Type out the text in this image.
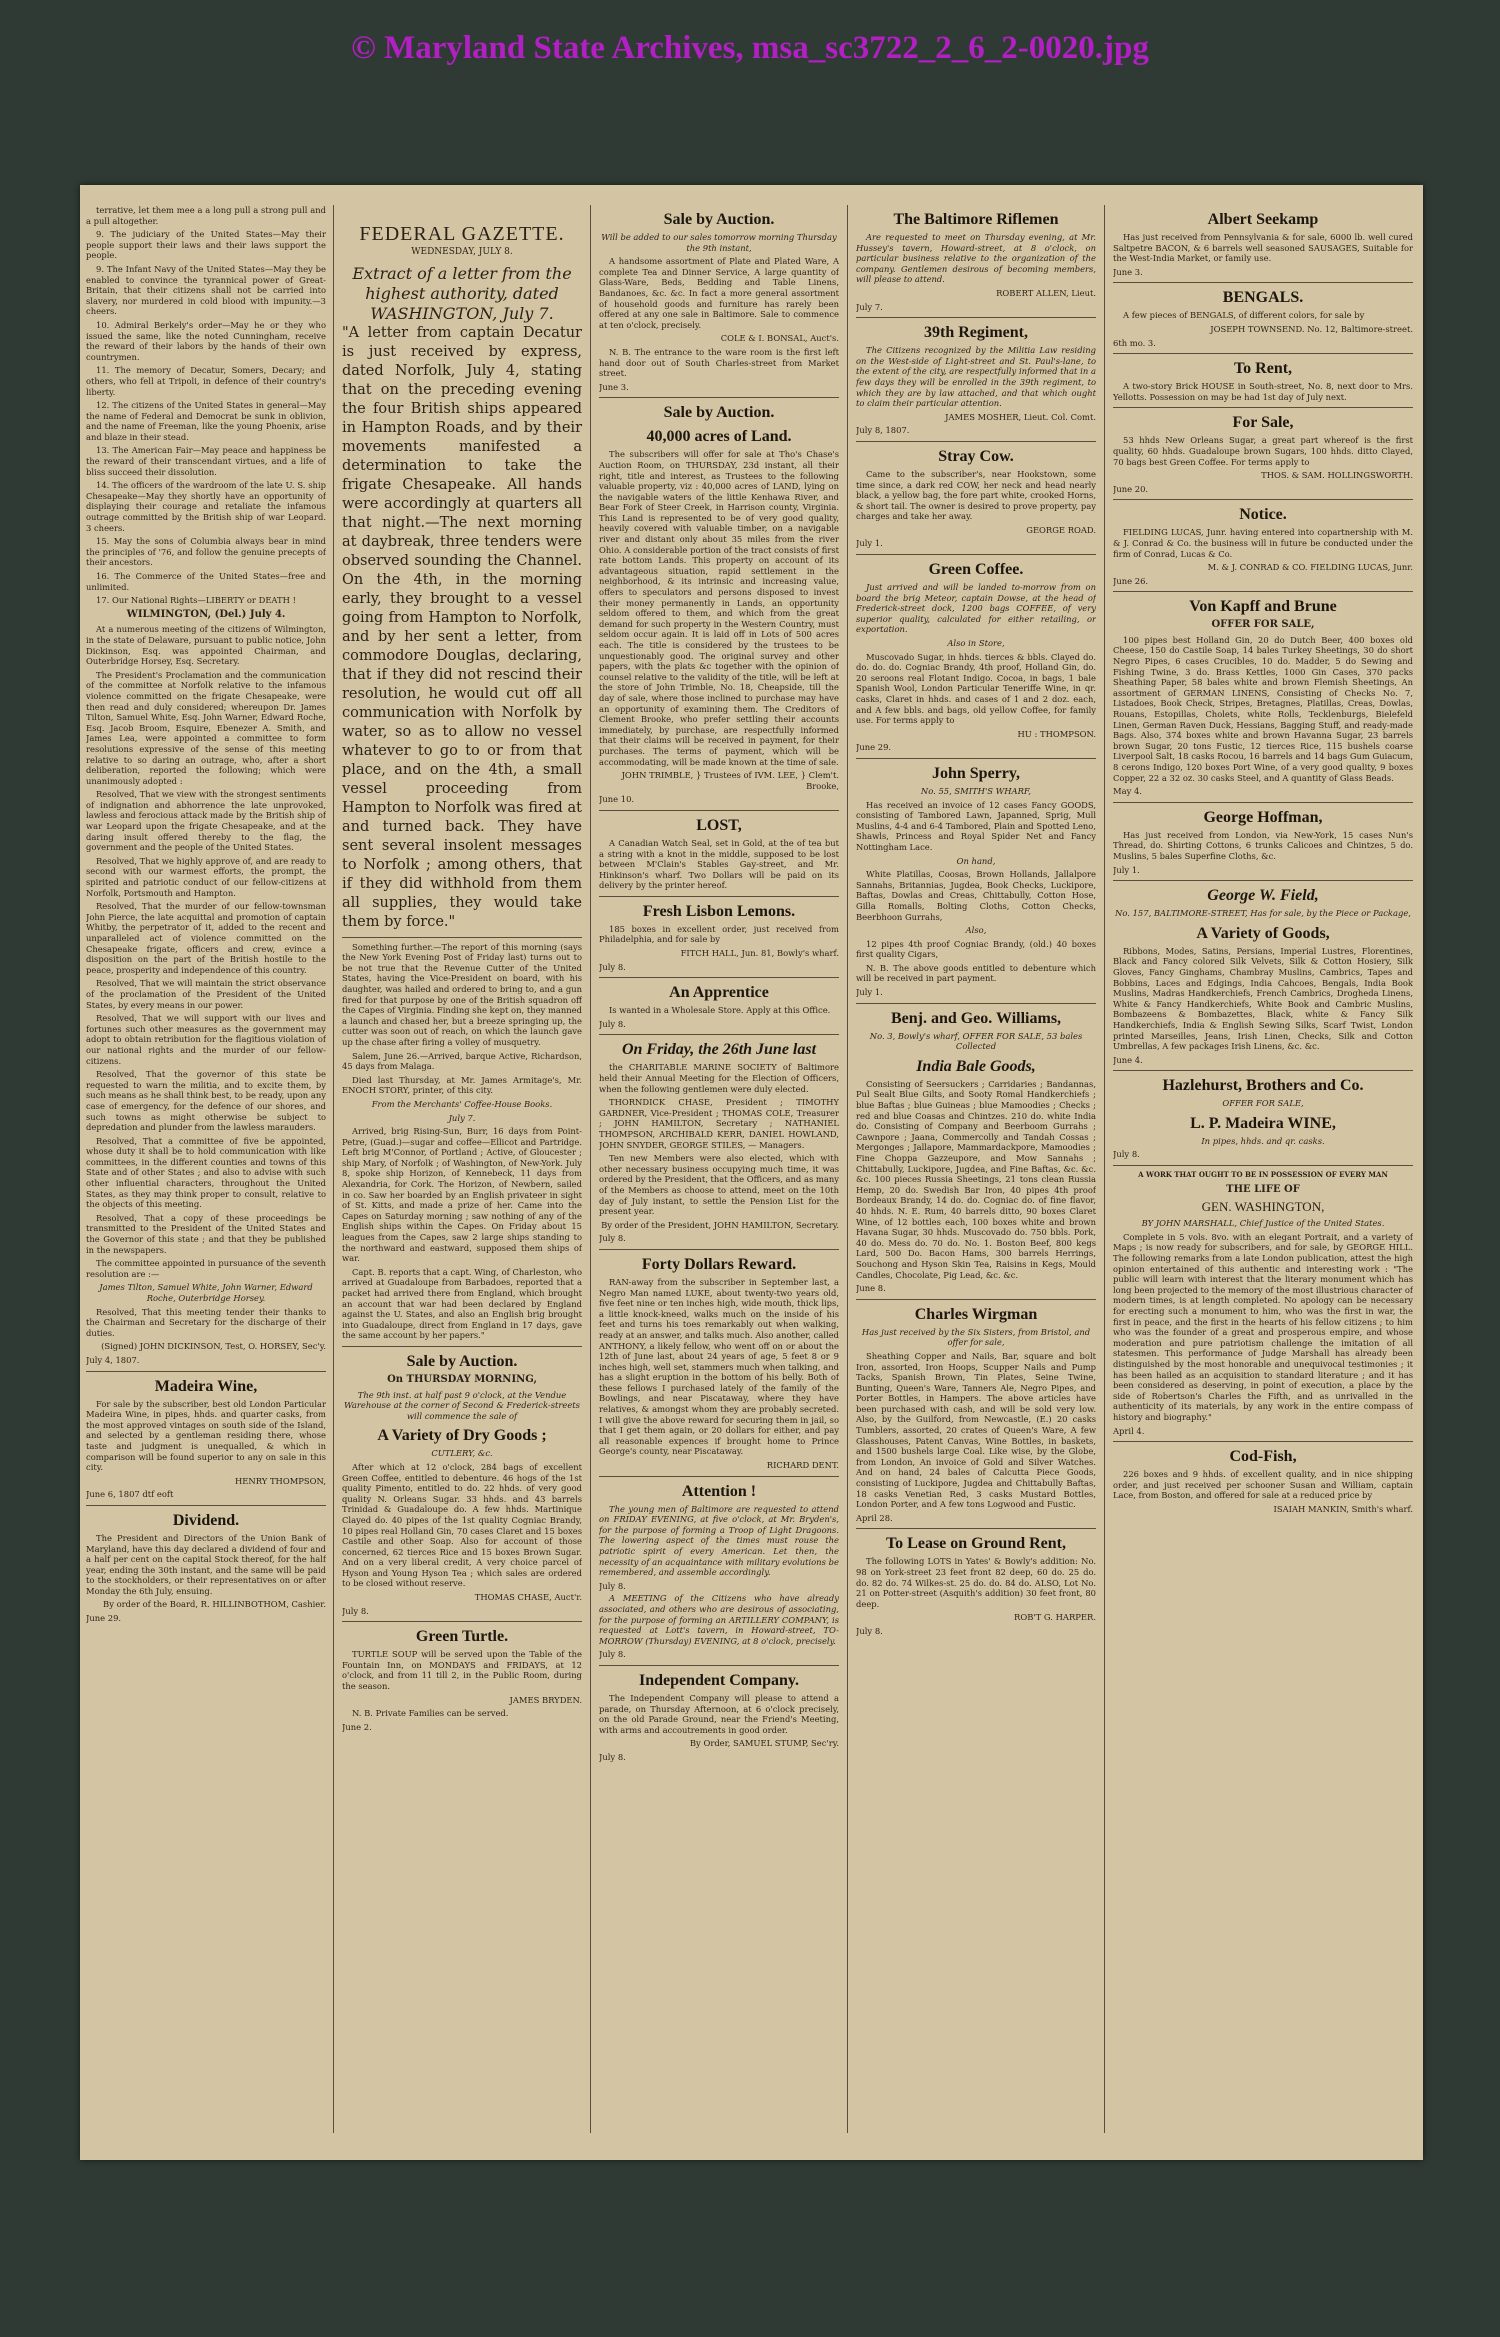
© Maryland State Archives, msa_sc3722_2_6_2-0020.jpg

terrative, let them mee a a long pull a strong pull and a pull altogether.

9. The judiciary of the United States—May their people support their laws and their laws support the people.

9. The Infant Navy of the United States—May they be enabled to convince the tyrannical power of Great-Britain, that their citizens shall not be carried into slavery, nor murdered in cold blood with impunity.—3 cheers.

10. Admiral Berkely's order—May he or they who issued the same, like the noted Cunningham, receive the reward of their labors by the hands of their own countrymen.

11. The memory of Decatur, Somers, Decary; and others, who fell at Tripoli, in defence of their country's liberty.

12. The citizens of the United States in general—May the name of Federal and Democrat be sunk in oblivion, and the name of Freeman, like the young Phoenix, arise and blaze in their stead.

13. The American Fair—May peace and happiness be the reward of their transcendant virtues, and a life of bliss succeed their dissolution.

14. The officers of the wardroom of the late U. S. ship Chesapeake—May they shortly have an opportunity of displaying their courage and retaliate the infamous outrage committed by the British ship of war Leopard. 3 cheers.

15. May the sons of Columbia always bear in mind the principles of '76, and follow the genuine precepts of their ancestors.

16. The Commerce of the United States—free and unlimited.

17. Our National Rights—LIBERTY or DEATH !

WILMINGTON, (Del.) July 4.

At a numerous meeting of the citizens of Wilmington, in the state of Delaware, pursuant to public notice, John Dickinson, Esq. was appointed Chairman, and Outerbridge Horsey, Esq. Secretary.

The President's Proclamation and the communication of the committee at Norfolk relative to the infamous violence committed on the frigate Chesapeake, were then read and duly considered; whereupon Dr. James Tilton, Samuel White, Esq. John Warner, Edward Roche, Esq. Jacob Broom, Esquire, Ebenezer A. Smith, and James Lea, were appointed a committee to form resolutions expressive of the sense of this meeting relative to so daring an outrage, who, after a short deliberation, reported the following; which were unanimously adopted :

Resolved, That we view with the strongest sentiments of indignation and abhorrence the late unprovoked, lawless and ferocious attack made by the British ship of war Leopard upon the frigate Chesapeake, and at the daring insult offered thereby to the flag, the government and the people of the United States.

Resolved, That we highly approve of, and are ready to second with our warmest efforts, the prompt, the spirited and patriotic conduct of our fellow-citizens at Norfolk, Portsmouth and Hampton.

Resolved, That the murder of our fellow-townsman John Pierce, the late acquittal and promotion of captain Whitby, the perpetrator of it, added to the recent and unparalleled act of violence committed on the Chesapeake frigate, officers and crew, evince a disposition on the part of the British hostile to the peace, prosperity and independence of this country.

Resolved, That we will maintain the strict observance of the proclamation of the President of the United States, by every means in our power.

Resolved, That we will support with our lives and fortunes such other measures as the government may adopt to obtain retribution for the flagitious violation of our national rights and the murder of our fellow-citizens.

Resolved, That the governor of this state be requested to warn the militia, and to excite them, by such means as he shall think best, to be ready, upon any case of emergency, for the defence of our shores, and such towns as might otherwise be subject to depredation and plunder from the lawless marauders.

Resolved, That a committee of five be appointed, whose duty it shall be to hold communication with like committees, in the different counties and towns of this State and of other States ; and also to advise with such other influential characters, throughout the United States, as they may think proper to consult, relative to the objects of this meeting.

Resolved, That a copy of these proceedings be transmitted to the President of the United States and the Governor of this state ; and that they be published in the newspapers.

The committee appointed in pursuance of the seventh resolution are :—

James Tilton, Samuel White, John Warner, Edward Roche, Outerbridge Horsey.

Resolved, That this meeting tender their thanks to the Chairman and Secretary for the discharge of their duties.

(Signed) JOHN DICKINSON, Test, O. HORSEY, Sec'y.
July 4, 1807.
Madeira Wine,

For sale by the subscriber, best old London Particular Madeira Wine, in pipes, hhds. and quarter casks, from the most approved vintages on south side of the Island, and selected by a gentleman residing there, whose taste and judgment is unequalled, & which in comparison will be found superior to any on sale in this city.

HENRY THOMPSON,
June 6, 1807 dtf eoft
Dividend.

The President and Directors of the Union Bank of Maryland, have this day declared a dividend of four and a half per cent on the capital Stock thereof, for the half year, ending the 30th instant, and the same will be paid to the stockholders, or their representatives on or after Monday the 6th July, ensuing.

By order of the Board, R. HILLINBOTHOM, Cashier.
June 29.
FEDERAL GAZETTE.
WEDNESDAY, JULY 8.
Extract of a letter from the highest authority, dated
WASHINGTON, July 7.
"A letter from captain Decatur is just received by express, dated Norfolk, July 4, stating that on the preceding evening the four British ships appeared in Hampton Roads, and by their movements manifested a determination to take the frigate Chesapeake. All hands were accordingly at quarters all that night.—The next morning at daybreak, three tenders were observed sounding the Channel. On the 4th, in the morning early, they brought to a vessel going from Hampton to Norfolk, and by her sent a letter, from commodore Douglas, declaring, that if they did not rescind their resolution, he would cut off all communication with Norfolk by water, so as to allow no vessel whatever to go to or from that place, and on the 4th, a small vessel proceeding from Hampton to Norfolk was fired at and turned back. They have sent several insolent messages to Norfolk ; among others, that if they did withhold from them all supplies, they would take them by force."

Something further.—The report of this morning (says the New York Evening Post of Friday last) turns out to be not true that the Revenue Cutter of the United States, having the Vice-President on board, with his daughter, was hailed and ordered to bring to, and a gun fired for that purpose by one of the British squadron off the Capes of Virginia. Finding she kept on, they manned a launch and chased her, but a breeze springing up, the cutter was soon out of reach, on which the launch gave up the chase after firing a volley of musquetry.

Salem, June 26.—Arrived, barque Active, Richardson, 45 days from Malaga.

Died last Thursday, at Mr. James Armitage's, Mr. ENOCH STORY, printer, of this city.

From the Merchants' Coffee-House Books.
July 7.

Arrived, brig Rising-Sun, Burr, 16 days from Point-Petre, (Guad.)—sugar and coffee—Ellicot and Partridge. Left brig M'Connor, of Portland ; Active, of Gloucester ; ship Mary, of Norfolk ; of Washington, of New-York. July 8, spoke ship Horizon, of Kennebeck, 11 days from Alexandria, for Cork. The Horizon, of Newbern, sailed in co. Saw her boarded by an English privateer in sight of St. Kitts, and made a prize of her. Came into the Capes on Saturday morning ; saw nothing of any of the English ships within the Capes. On Friday about 15 leagues from the Capes, saw 2 large ships standing to the northward and eastward, supposed them ships of war.

Capt. B. reports that a capt. Wing, of Charleston, who arrived at Guadaloupe from Barbadoes, reported that a packet had arrived there from England, which brought an account that war had been declared by England against the U. States, and also an English brig brought into Guadaloupe, direct from England in 17 days, gave the same account by her papers."

Sale by Auction.
On THURSDAY MORNING,
The 9th inst. at half past 9 o'clock, at the Vendue Warehouse at the corner of Second & Frederick-streets will commence the sale of
A Variety of Dry Goods ;
CUTLERY, &c.

After which at 12 o'clock, 284 bags of excellent Green Coffee, entitled to debenture. 46 hogs of the 1st quality Pimento, entitled to do. 22 hhds. of very good quality N. Orleans Sugar. 33 hhds. and 43 barrels Trinidad & Guadaloupe do. A few hhds. Martinique Clayed do. 40 pipes of the 1st quality Cogniac Brandy, 10 pipes real Holland Gin, 70 cases Claret and 15 boxes Castile and other Soap. Also for account of those concerned, 62 tierces Rice and 15 boxes Brown Sugar. And on a very liberal credit, A very choice parcel of Hyson and Young Hyson Tea ; which sales are ordered to be closed without reserve.

THOMAS CHASE, Auct'r.
July 8.
Green Turtle.

TURTLE SOUP will be served upon the Table of the Fountain Inn, on MONDAYS and FRIDAYS, at 12 o'clock, and from 11 till 2, in the Public Room, during the season.

JAMES BRYDEN.

N. B. Private Families can be served.

June 2.
Sale by Auction.
Will be added to our sales tomorrow morning Thursday the 9th instant,

A handsome assortment of Plate and Plated Ware, A complete Tea and Dinner Service, A large quantity of Glass-Ware, Beds, Bedding and Table Linens, Bandanoes, &c. &c. In fact a more general assortment of household goods and furniture has rarely been offered at any one sale in Baltimore. Sale to commence at ten o'clock, precisely.

COLE & I. BONSAL, Auct's.

N. B. The entrance to the ware room is the first left hand door out of South Charles-street from Market street.

June 3.
Sale by Auction.
40,000 acres of Land.

The subscribers will offer for sale at Tho's Chase's Auction Room, on THURSDAY, 23d instant, all their right, title and interest, as Trustees to the following valuable property, viz : 40,000 acres of LAND, lying on the navigable waters of the little Kenhawa River, and Bear Fork of Steer Creek, in Harrison county, Virginia. This Land is represented to be of very good quality, heavily covered with valuable timber, on a navigable river and distant only about 35 miles from the river Ohio. A considerable portion of the tract consists of first rate bottom Lands. This property on account of its advantageous situation, rapid settlement in the neighborhood, & its intrinsic and increasing value, offers to speculators and persons disposed to invest their money permanently in Lands, an opportunity seldom offered to them, and which from the great demand for such property in the Western Country, must seldom occur again. It is laid off in Lots of 500 acres each. The title is considered by the trustees to be unquestionably good. The original survey and other papers, with the plats &c together with the opinion of counsel relative to the validity of the title, will be left at the store of John Trimble, No. 18, Cheapside, till the day of sale, where those inclined to purchase may have an opportunity of examining them. The Creditors of Clement Brooke, who prefer settling their accounts immediately, by purchase, are respectfully informed that their claims will be received in payment, for their purchases. The terms of payment, which will be accommodating, will be made known at the time of sale.

JOHN TRIMBLE, } Trustees of IVM. LEE, } Clem't. Brooke,
June 10.
LOST,

A Canadian Watch Seal, set in Gold, at the of tea but a string with a knot in the middle, supposed to be lost between M'Clain's Stables Gay-street, and Mr. Hinkinson's wharf. Two Dollars will be paid on its delivery by the printer hereof.

Fresh Lisbon Lemons.

185 boxes in excellent order, just received from Philadelphia, and for sale by

FITCH HALL, Jun. 81, Bowly's wharf.
July 8.
An Apprentice

Is wanted in a Wholesale Store. Apply at this Office.

July 8.
On Friday, the 26th June last

the CHARITABLE MARINE SOCIETY of Baltimore held their Annual Meeting for the Election of Officers, when the following gentlemen were duly elected.

THORNDICK CHASE, President ; TIMOTHY GARDNER, Vice-President ; THOMAS COLE, Treasurer ; JOHN HAMILTON, Secretary ; NATHANIEL THOMPSON, ARCHIBALD KERR, DANIEL HOWLAND, JOHN SNYDER, GEORGE STILES, — Managers.

Ten new Members were also elected, which with other necessary business occupying much time, it was ordered by the President, that the Officers, and as many of the Members as choose to attend, meet on the 10th day of July instant, to settle the Pension List for the present year.

By order of the President, JOHN HAMILTON, Secretary.
July 8.
Forty Dollars Reward.

RAN-away from the subscriber in September last, a Negro Man named LUKE, about twenty-two years old, five feet nine or ten inches high, wide mouth, thick lips, a little knock-kneed, walks much on the inside of his feet and turns his toes remarkably out when walking, ready at an answer, and talks much. Also another, called ANTHONY, a likely fellow, who went off on or about the 12th of June last, about 24 years of age, 5 feet 8 or 9 inches high, well set, stammers much when talking, and has a slight eruption in the bottom of his belly. Both of these fellows I purchased lately of the family of the Bowlings, and near Piscataway, where they have relatives, & amongst whom they are probably secreted. I will give the above reward for securing them in jail, so that I get them again, or 20 dollars for either, and pay all reasonable expences if brought home to Prince George's county, near Piscataway.

RICHARD DENT.
Attention !

The young men of Baltimore are requested to attend on FRIDAY EVENING, at five o'clock, at Mr. Bryden's, for the purpose of forming a Troop of Light Dragoons. The lowering aspect of the times must rouse the patriotic spirit of every American. Let then, the necessity of an acquaintance with military evolutions be remembered, and assemble accordingly.

July 8.

A MEETING of the Citizens who have already associated, and others who are desirous of associating, for the purpose of forming an ARTILLERY COMPANY, is requested at Lott's tavern, in Howard-street, TO-MORROW (Thursday) EVENING, at 8 o'clock, precisely.

July 8.
Independent Company.

The Independent Company will please to attend a parade, on Thursday Afternoon, at 6 o'clock precisely, on the old Parade Ground, near the Friend's Meeting, with arms and accoutrements in good order.

By Order, SAMUEL STUMP, Sec'ry.
July 8.
The Baltimore Riflemen

Are requested to meet on Thursday evening, at Mr. Hussey's tavern, Howard-street, at 8 o'clock, on particular business relative to the organization of the company. Gentlemen desirous of becoming members, will please to attend.

ROBERT ALLEN, Lieut.
July 7.
39th Regiment,

The Citizens recognized by the Militia Law residing on the West-side of Light-street and St. Paul's-lane, to the extent of the city, are respectfully informed that in a few days they will be enrolled in the 39th regiment, to which they are by law attached, and that which ought to claim their particular attention.

JAMES MOSHER, Lieut. Col. Comt.
July 8, 1807.
Stray Cow.

Came to the subscriber's, near Hookstown, some time since, a dark red COW, her neck and head nearly black, a yellow bag, the fore part white, crooked Horns, & short tail. The owner is desired to prove property, pay charges and take her away.

GEORGE ROAD.
July 1.
Green Coffee.

Just arrived and will be landed to-morrow from on board the brig Meteor, captain Dowse, at the head of Frederick-street dock, 1200 bags COFFEE, of very superior quality, calculated for either retailing, or exportation.

Also in Store,

Muscovado Sugar, in hhds. tierces & bbls. Clayed do. do. do. do. Cogniac Brandy, 4th proof, Holland Gin, do. 20 seroons real Flotant Indigo. Cocoa, in bags, 1 bale Spanish Wool, London Particular Teneriffe Wine, in qr. casks, Claret in hhds. and cases of 1 and 2 doz. each, and A few bbls. and bags, old yellow Coffee, for family use. For terms apply to

HU : THOMPSON.
June 29.
John Sperry,
No. 55, SMITH'S WHARF,

Has received an invoice of 12 cases Fancy GOODS, consisting of Tambored Lawn, Japanned, Sprig, Mull Muslins, 4-4 and 6-4 Tambored, Plain and Spotted Leno, Shawls, Princess and Royal Spider Net and Fancy Nottingham Lace.

On hand,

White Platillas, Coosas, Brown Hollands, Jallalpore Sannahs, Britannias, Jugdea, Book Checks, Luckipore, Baftas, Dowlas and Creas, Chittabully, Cotton Hose, Gilla Romalls, Bolting Cloths, Cotton Checks, Beerbhoon Gurrahs,

Also,

12 pipes 4th proof Cogniac Brandy, (old.) 40 boxes first quality Cigars,

N. B. The above goods entitled to debenture which will be received in part payment.

July 1.
Benj. and Geo. Williams,
No. 3, Bowly's wharf, OFFER FOR SALE, 53 bales Collected
India Bale Goods,

Consisting of Seersuckers ; Carridaries ; Bandannas, Pul Sealt Blue Gilts, and Sooty Romal Handkerchiefs ; blue Baftas ; blue Guineas ; blue Mamoodies ; Checks ; red and blue Coasas and Chintzes. 210 do. white India do. Consisting of Company and Beerboom Gurrahs ; Cawnpore ; Jaana, Commercolly and Tandah Cossas ; Mergonges ; Jallapore, Mammardackpore, Mamoodies ; Fine Choppa Gazzeupore, and Mow Sannahs ; Chittabully, Luckipore, Jugdea, and Fine Baftas, &c. &c. &c. 100 pieces Russia Sheetings, 21 tons clean Russia Hemp, 20 do. Swedish Bar Iron, 40 pipes 4th proof Bordeaux Brandy, 14 do. do. Cogniac do. of fine flavor, 40 hhds. N. E. Rum, 40 barrels ditto, 90 boxes Claret Wine, of 12 bottles each, 100 boxes white and brown Havana Sugar, 30 hhds. Muscovado do. 750 bbls. Pork, 40 do. Mess do. 70 do. No. 1. Boston Beef, 800 kegs Lard, 500 Do. Bacon Hams, 300 barrels Herrings, Souchong and Hyson Skin Tea, Raisins in Kegs, Mould Candles, Chocolate, Pig Lead, &c. &c.

June 8.
Charles Wirgman
Has just received by the Six Sisters, from Bristol, and offer for sale,

Sheathing Copper and Nails, Bar, square and bolt Iron, assorted, Iron Hoops, Scupper Nails and Pump Tacks, Spanish Brown, Tin Plates, Seine Twine, Bunting, Queen's Ware, Tanners Ale, Negro Pipes, and Porter Bottles, in Hampers. The above articles have been purchased with cash, and will be sold very low. Also, by the Guilford, from Newcastle, (E.) 20 casks Tumblers, assorted, 20 crates of Queen's Ware, A few Glasshouses, Patent Canvas, Wine Bottles, in baskets, and 1500 bushels large Coal. Like wise, by the Globe, from London, An invoice of Gold and Silver Watches. And on hand, 24 bales of Calcutta Piece Goods, consisting of Luckipore, Jugdea and Chittabully Baftas, 18 casks Venetian Red, 3 casks Mustard Bottles, London Porter, and A few tons Logwood and Fustic.

April 28.
To Lease on Ground Rent,

The following LOTS in Yates' & Bowly's addition: No. 98 on York-street 23 feet front 82 deep, 60 do. 25 do. do. 82 do. 74 Wilkes-st. 25 do. do. 84 do. ALSO, Lot No. 21 on Potter-street (Asquith's addition) 30 feet front, 80 deep.

ROB'T G. HARPER.
July 8.
Albert Seekamp

Has just received from Pennsylvania & for sale, 6000 lb. well cured Saltpetre BACON, & 6 barrels well seasoned SAUSAGES, Suitable for the West-India Market, or family use.

June 3.
BENGALS.

A few pieces of BENGALS, of different colors, for sale by

JOSEPH TOWNSEND. No. 12, Baltimore-street.
6th mo. 3.
To Rent,

A two-story Brick HOUSE in South-street, No. 8, next door to Mrs. Yellotts. Possession on may be had 1st day of July next.

For Sale,

53 hhds New Orleans Sugar, a great part whereof is the first quality, 60 hhds. Guadaloupe brown Sugars, 100 hhds. ditto Clayed, 70 bags best Green Coffee. For terms apply to

THOS. & SAM. HOLLINGSWORTH.
June 20.
Notice.

FIELDING LUCAS, Junr. having entered into copartnership with M. & J. Conrad & Co. the business will in future be conducted under the firm of Conrad, Lucas & Co.

M. & J. CONRAD & CO. FIELDING LUCAS, Junr.
June 26.
Von Kapff and Brune
OFFER FOR SALE,

100 pipes best Holland Gin, 20 do Dutch Beer, 400 boxes old Cheese, 150 do Castile Soap, 14 bales Turkey Sheetings, 30 do short Negro Pipes, 6 cases Crucibles, 10 do. Madder, 5 do Sewing and Fishing Twine, 3 do. Brass Kettles, 1000 Gin Cases, 370 packs Sheathing Paper, 58 bales white and brown Flemish Sheetings, An assortment of GERMAN LINENS, Consisting of Checks No. 7, Listadoes, Book Check, Stripes, Bretagnes, Platillas, Creas, Dowlas, Rouans, Estopillas, Cholets, white Rolls, Tecklenburgs, Bielefeld Linen, German Raven Duck, Hessians, Bagging Stuff, and ready-made Bags. Also, 374 boxes white and brown Havanna Sugar, 23 barrels brown Sugar, 20 tons Fustic, 12 tierces Rice, 115 bushels coarse Liverpool Salt, 18 casks Rocou, 16 barrels and 14 bags Gum Guiacum, 8 cerons Indigo, 120 boxes Port Wine, of a very good quality, 9 boxes Copper, 22 a 32 oz. 30 casks Steel, and A quantity of Glass Beads.

May 4.
George Hoffman,

Has just received from London, via New-York, 15 cases Nun's Thread, do. Shirting Cottons, 6 trunks Calicoes and Chintzes, 5 do. Muslins, 5 bales Superfine Cloths, &c.

July 1.
George W. Field,
No. 157, BALTIMORE-STREET, Has for sale, by the Piece or Package,
A Variety of Goods,

Ribbons, Modes, Satins, Persians, Imperial Lustres, Florentines, Black and Fancy colored Silk Velvets, Silk & Cotton Hosiery, Silk Gloves, Fancy Ginghams, Chambray Muslins, Cambrics, Tapes and Bobbins, Laces and Edgings, India Cahcoes, Bengals, India Book Muslins, Madras Handkerchiefs, French Cambrics, Drogheda Linens, White & Fancy Handkerchiefs, White Book and Cambric Muslins, Bombazeens & Bombazettes, Black, white & Fancy Silk Handkerchiefs, India & English Sewing Silks, Scarf Twist, London printed Marseilles, Jeans, Irish Linen, Checks, Silk and Cotton Umbrellas, A few packages Irish Linens, &c. &c.

June 4.
Hazlehurst, Brothers and Co.
OFFER FOR SALE,
L. P. Madeira WINE,
In pipes, hhds. and qr. casks.
July 8.
A WORK THAT OUGHT TO BE IN POSSESSION OF EVERY MAN
THE LIFE OF
GEN. WASHINGTON,
BY JOHN MARSHALL, Chief Justice of the United States.

Complete in 5 vols. 8vo. with an elegant Portrait, and a variety of Maps ; is now ready for subscribers, and for sale, by GEORGE HILL. The following remarks from a late London publication, attest the high opinion entertained of this authentic and interesting work : "The public will learn with interest that the literary monument which has long been projected to the memory of the most illustrious character of modern times, is at length completed. No apology can be necessary for erecting such a monument to him, who was the first in war, the first in peace, and the first in the hearts of his fellow citizens ; to him who was the founder of a great and prosperous empire, and whose moderation and pure patriotism challenge the imitation of all statesmen. This performance of Judge Marshall has already been distinguished by the most honorable and unequivocal testimonies ; it has been hailed as an acquisition to standard literature ; and it has been considered as deserving, in point of execution, a place by the side of Robertson's Charles the Fifth, and as unrivalled in the authenticity of its materials, by any work in the entire compass of history and biography."

April 4.
Cod-Fish,

226 boxes and 9 hhds. of excellent quality, and in nice shipping order, and just received per schooner Susan and William, captain Lace, from Boston, and offered for sale at a reduced price by

ISAIAH MANKIN, Smith's wharf.
